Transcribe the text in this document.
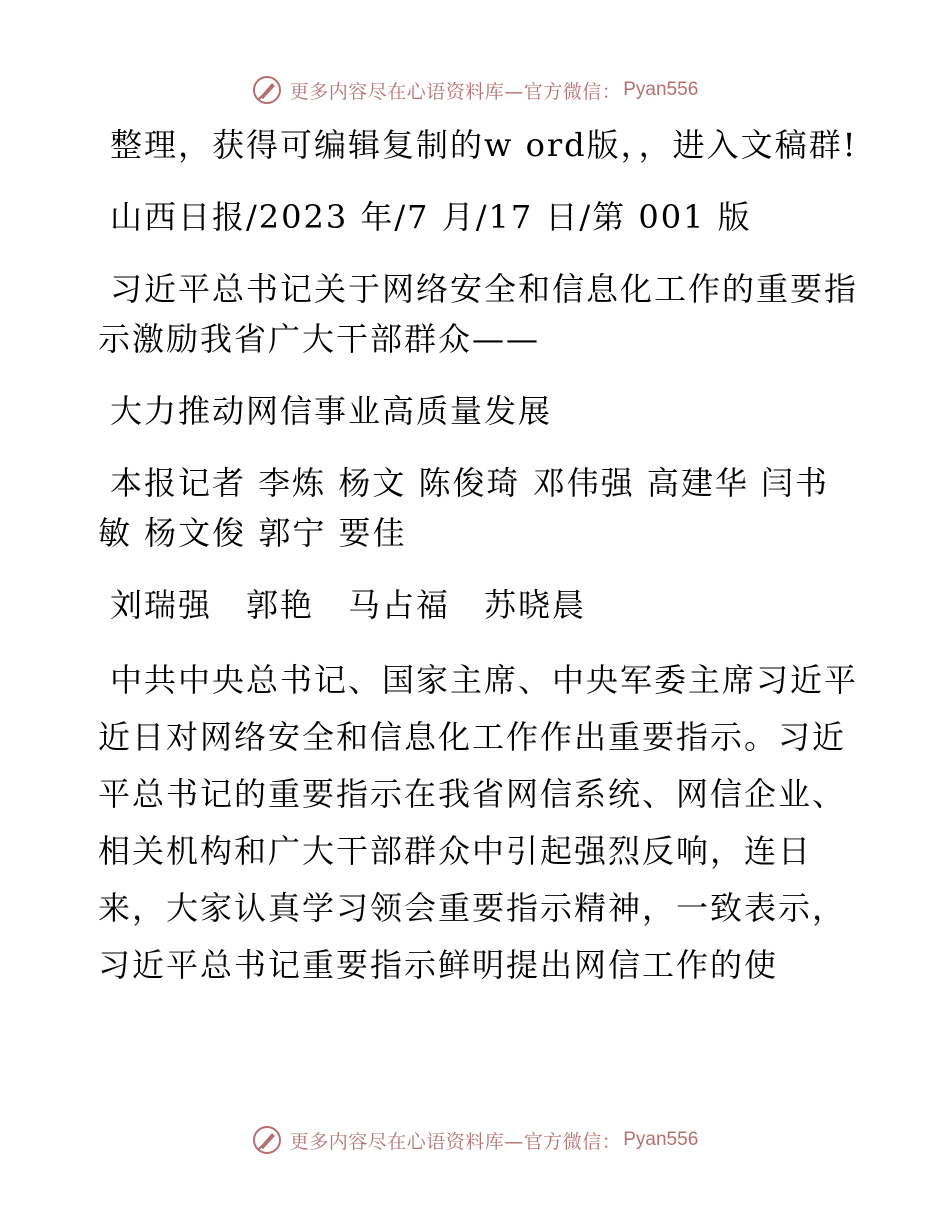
更多内容尽在心语资料库—官方微信： Pyan556

整理，获得可编辑复制的w ord版，，进入文稿群!

山西日报/2023 年/7 月/17 日/第 001 版

习近平总书记关于网络安全和信息化工作的重要指示激励我省广大干部群众——

大力推动网信事业高质量发展

本报记者 李炼 杨文 陈俊琦 邓伟强 高建华 闫书敏 杨文俊 郭宁 要佳

刘瑞强　郭艳　马占福　苏晓晨

中共中央总书记、国家主席、中央军委主席习近平近日对网络安全和信息化工作作出重要指示。习近平总书记的重要指示在我省网信系统、网信企业、相关机构和广大干部群众中引起强烈反响，连日来，大家认真学习领会重要指示精神，一致表示，习近平总书记重要指示鲜明提出网信工作的使

更多内容尽在心语资料库—官方微信： Pyan556
